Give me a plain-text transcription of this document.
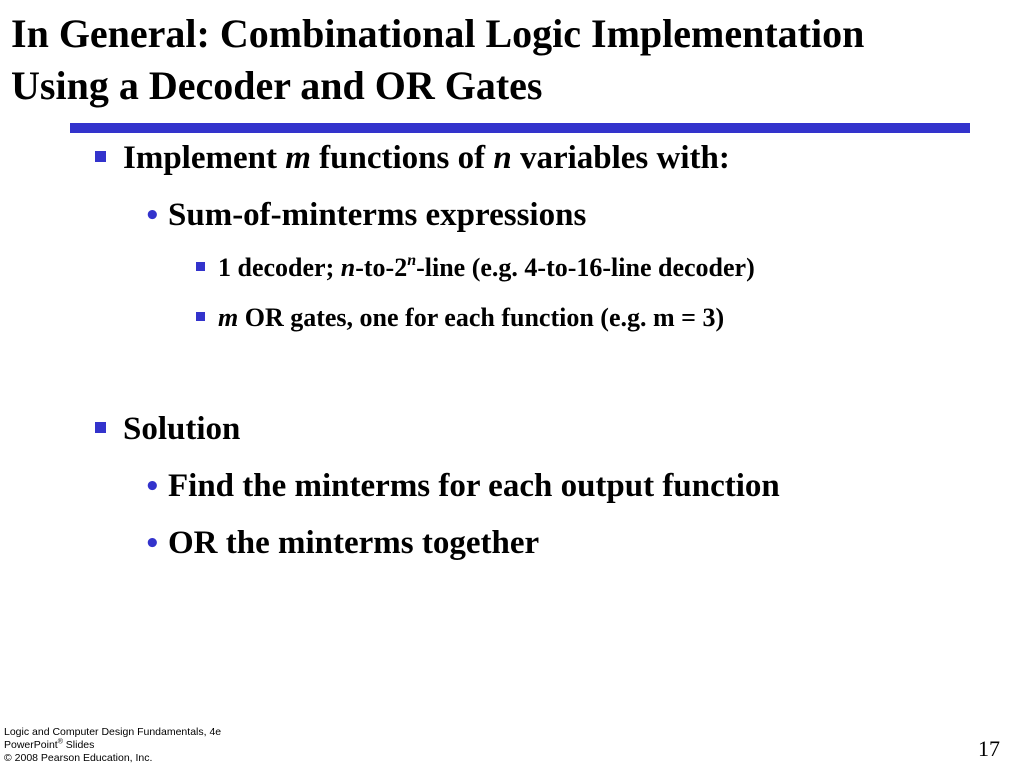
In General: Combinational Logic Implementation
Using a Decoder and OR Gates
Implement m functions of n variables with:
• Sum-of-minterms expressions
1 decoder; n-to-2$^n$-line (e.g. 4-to-16-line decoder)
m OR gates, one for each function (e.g. m = 3)
Solution
• Find the minterms for each output function
• OR the minterms together
Logic and Computer Design Fundamentals, 4e
PowerPoint® Slides
© 2008 Pearson Education, Inc.	17
